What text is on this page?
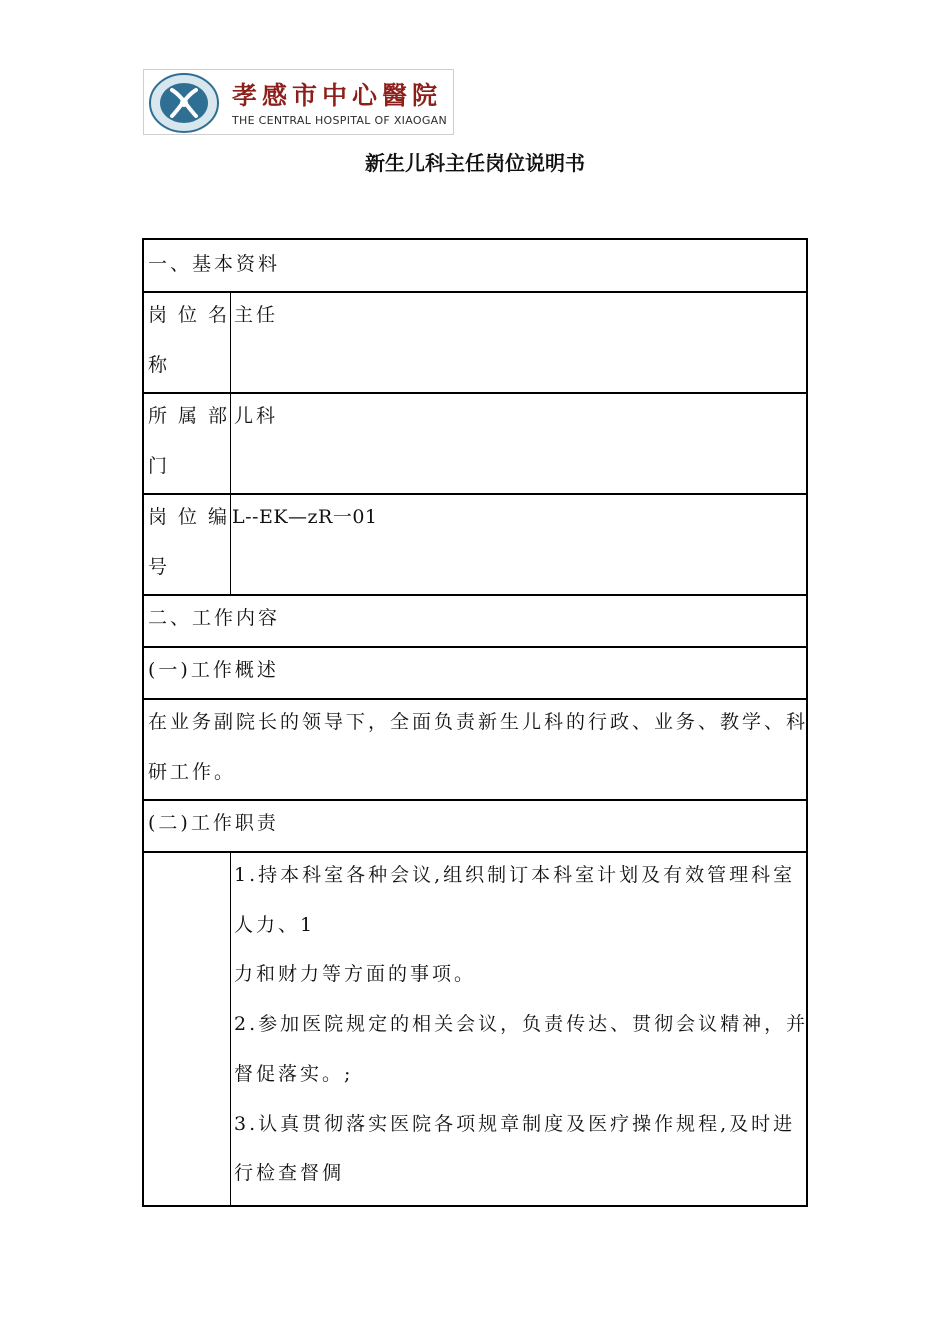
孝感市中心醫院
THE CENTRAL HOSPITAL OF XIAOGAN
新生儿科主任岗位说明书
一、基本资料
岗位名
称
主任
所属部
门
儿科
岗位编
号
L--EK—zR一01
二、工作内容
(一)工作概述
在业务副院长的领导下，全面负责新生儿科的行政、业务、教学、科
研工作。
(二)工作职责
1.持本科室各种会议,组织制订本科室计划及有效管理科室
人力、1
力和财力等方面的事项。
2.参加医院规定的相关会议，负责传达、贯彻会议精神，并
督促落实。;
3.认真贯彻落实医院各项规章制度及医疗操作规程,及时进
行检查督倜
